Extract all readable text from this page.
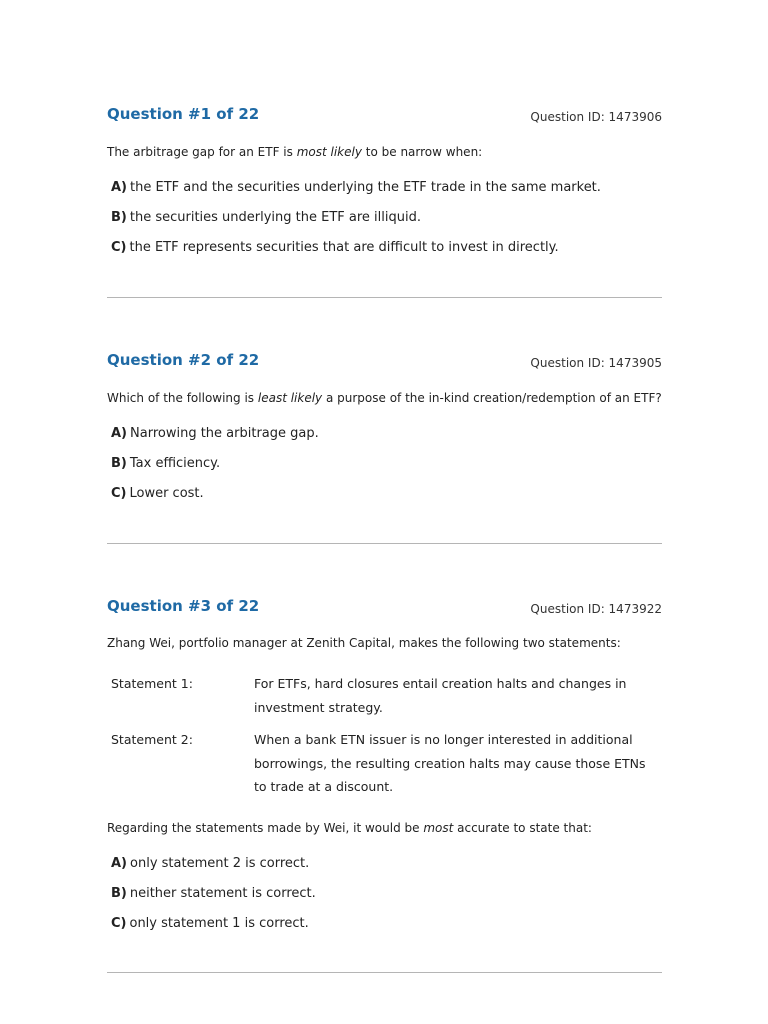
Question #1 of 22	Question ID: 1473906
The arbitrage gap for an ETF is most likely to be narrow when:
A) the ETF and the securities underlying the ETF trade in the same market.
B) the securities underlying the ETF are illiquid.
C) the ETF represents securities that are difficult to invest in directly.
Question #2 of 22	Question ID: 1473905
Which of the following is least likely a purpose of the in-kind creation/redemption of an ETF?
A) Narrowing the arbitrage gap.
B) Tax efficiency.
C) Lower cost.
Question #3 of 22	Question ID: 1473922
Zhang Wei, portfolio manager at Zenith Capital, makes the following two statements:
Statement 1:	For ETFs, hard closures entail creation halts and changes in investment strategy.
Statement 2:	When a bank ETN issuer is no longer interested in additional borrowings, the resulting creation halts may cause those ETNs to trade at a discount.
Regarding the statements made by Wei, it would be most accurate to state that:
A) only statement 2 is correct.
B) neither statement is correct.
C) only statement 1 is correct.
